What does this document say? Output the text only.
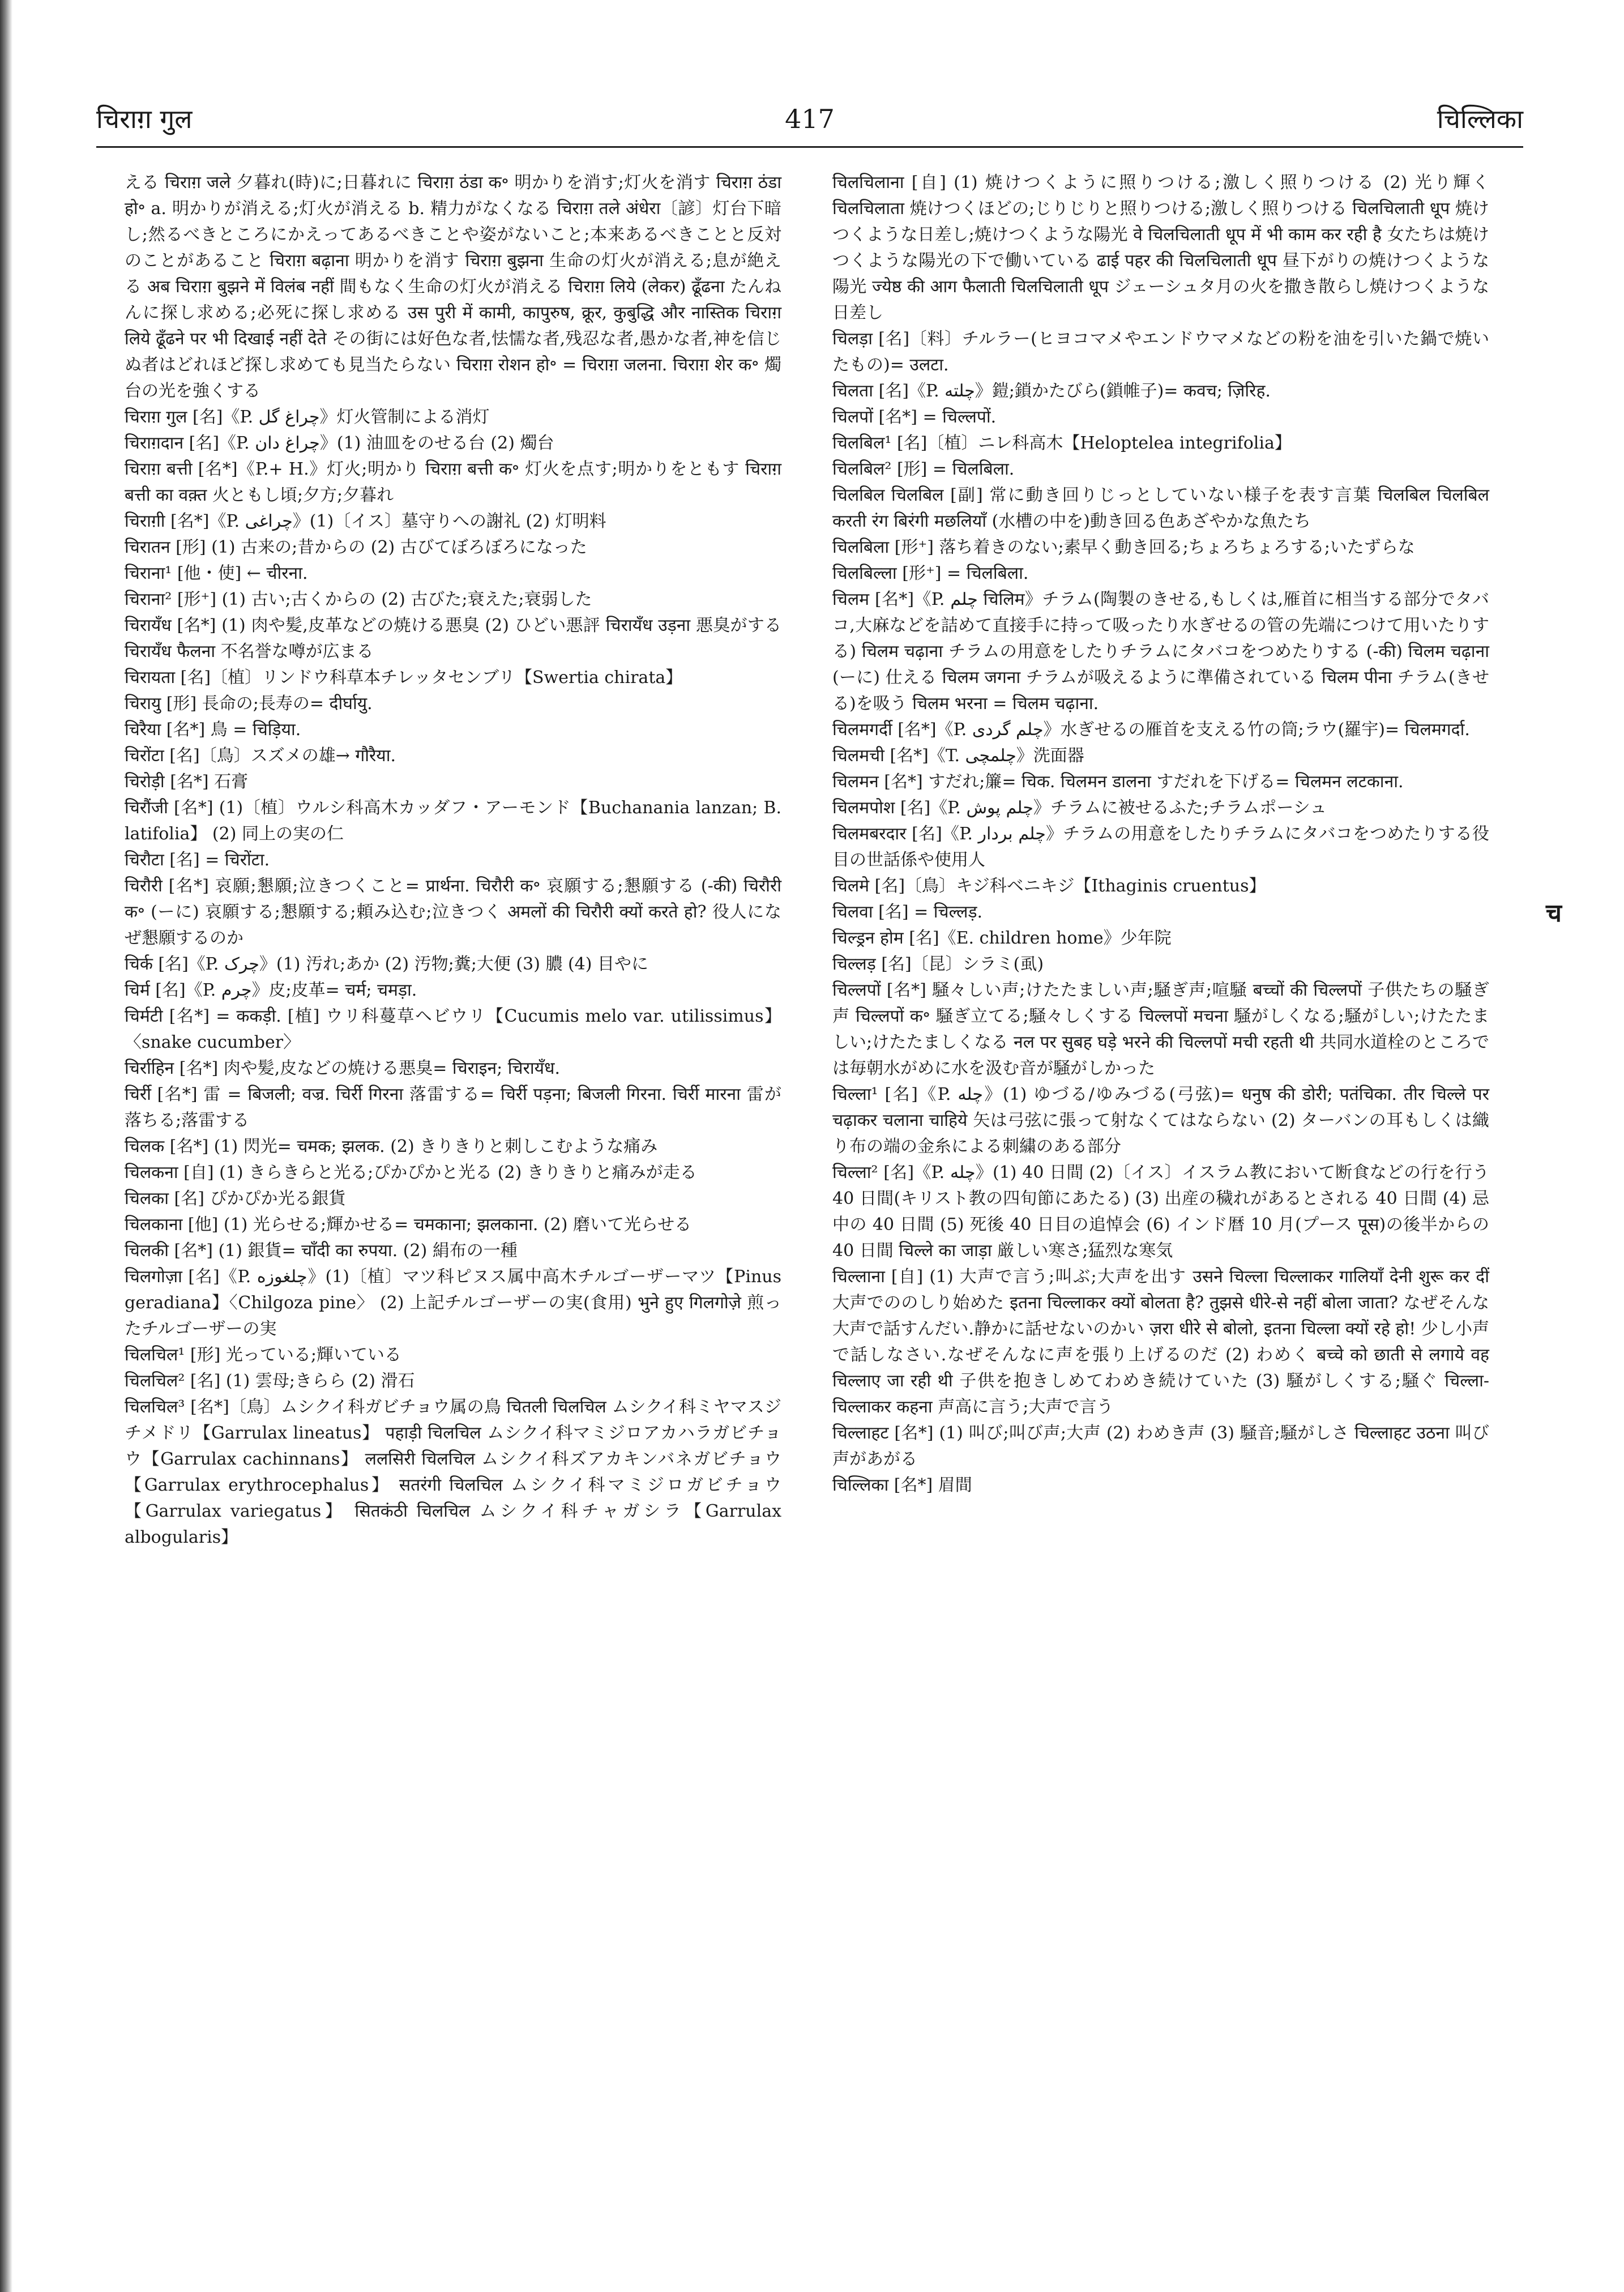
चिराग़ गुल	417	चिल्लिका

える चिराग़ जले 夕暮れ(時)に;日暮れに चिराग़ ठंडा क॰ 明かりを消す;灯火を消す चिराग़ ठंडा हो॰ a. 明かりが消える;灯火が消える b. 精力がなくなる चिराग़ तले अंधेरा〔諺〕灯台下暗し;然るべきところにかえってあるべきことや姿がないこと;本来あるべきことと反対のことがあること चिराग़ बढ़ाना 明かりを消す चिराग़ बुझना 生命の灯火が消える;息が絶える अब चिराग़ बुझने में विलंब नहीं 間もなく生命の灯火が消える चिराग़ लिये (लेकर) ढूँढना たんねんに探し求める;必死に探し求める उस पुरी में कामी, कापुरुष, क्रूर, कुबुद्धि और नास्तिक चिराग़ लिये ढूँढने पर भी दिखाई नहीं देते その街には好色な者,怯懦な者,残忍な者,愚かな者,神を信じぬ者はどれほど探し求めても見当たらない चिराग़ रोशन हो॰ = चिराग़ जलना. चिराग़ शेर क॰ 燭台の光を強くする

चिराग़ गुल [名]《P. چراغ گل》灯火管制による消灯

चिराग़दान [名]《P. چراغ دان》(1) 油皿をのせる台 (2) 燭台

चिराग़ बत्ती [名*]《P.+ H.》灯火;明かり चिराग़ बत्ती क॰ 灯火を点す;明かりをともす चिराग़ बत्ती का वक़्त 火ともし頃;夕方;夕暮れ

चिराग़ी [名*]《P. چراغی》(1)〔イス〕墓守りへの謝礼 (2) 灯明料

चिरातन [形] (1) 古来の;昔からの (2) 古びてぼろぼろになった

चिराना¹ [他・使] ← चीरना.

चिराना² [形⁺] (1) 古い;古くからの (2) 古びた;衰えた;衰弱した

चिरायँध [名*] (1) 肉や髪,皮革などの焼ける悪臭 (2) ひどい悪評 चिरायँध उड़ना 悪臭がする चिरायँध फैलना 不名誉な噂が広まる

चिरायता [名]〔植〕リンドウ科草本チレッタセンブリ【Swertia chirata】

चिरायु [形] 長命の;長寿の= दीर्घायु.

चिरैया [名*] 鳥 = चिड़िया.

चिरोंटा [名]〔鳥〕スズメの雄→ गौरैया.

चिरोड़ी [名*] 石膏

चिरौंजी [名*] (1)〔植〕ウルシ科高木カッダフ・アーモンド【Buchanania lanzan; B. latifolia】 (2) 同上の実の仁

चिरौटा [名] = चिरोंटा.

चिरौरी [名*] 哀願;懇願;泣きつくこと= प्रार्थना. चिरौरी क॰ 哀願する;懇願する (-की) चिरौरी क॰ (ーに) 哀願する;懇願する;頼み込む;泣きつく अमलों की चिरौरी क्यों करते हो? 役人になぜ懇願するのか

चिर्क [名]《P. چرک》(1) 汚れ;あか (2) 汚物;糞;大便 (3) 膿 (4) 目やに

चिर्म [名]《P. چرم》皮;皮革= चर्म; चमड़ा.

चिर्मटी [名*] = ककड़ी. [植] ウリ科蔓草ヘビウリ【Cucumis melo var. utilissimus】〈snake cucumber〉

चिर्राहिन [名*] 肉や髪,皮などの焼ける悪臭= चिराइन; चिरायँध.

चिर्री [名*] 雷 = बिजली; वज्र. चिर्री गिरना 落雷する= चिर्री पड़ना; बिजली गिरना. चिर्री मारना 雷が落ちる;落雷する

चिलक [名*] (1) 閃光= चमक; झलक. (2) きりきりと刺しこむような痛み

चिलकना [自] (1) きらきらと光る;ぴかぴかと光る (2) きりきりと痛みが走る

चिलका [名] ぴかぴか光る銀貨

चिलकाना [他] (1) 光らせる;輝かせる= चमकाना; झलकाना. (2) 磨いて光らせる

चिलकी [名*] (1) 銀貨= चाँदी का रुपया. (2) 絹布の一種

चिलगोज़ा [名]《P. چلغوزه》(1)〔植〕マツ科ピヌス属中高木チルゴーザーマツ【Pinus geradiana】〈Chilgoza pine〉 (2) 上記チルゴーザーの実(食用) भुने हुए गिलगोज़े 煎ったチルゴーザーの実

चिलचिल¹ [形] 光っている;輝いている

चिलचिल² [名] (1) 雲母;きらら (2) 滑石

चिलचिल³ [名*]〔鳥〕ムシクイ科ガビチョウ属の鳥 चितली चिलचिल ムシクイ科ミヤマスジチメドリ【Garrulax lineatus】 पहाड़ी चिलचिल ムシクイ科マミジロアカハラガビチョウ【Garrulax cachinnans】 ललसिरी चिलचिल ムシクイ科ズアカキンバネガビチョウ【Garrulax erythrocephalus】 सतरंगी चिलचिल ムシクイ科マミジロガビチョウ【Garrulax variegatus】 सितकंठी चिलचिल ムシクイ科チャガシラ【Garrulax albogularis】

चिलचिलाना [自] (1) 焼けつくように照りつける;激しく照りつける (2) 光り輝く चिलचिलाता 焼けつくほどの;じりじりと照りつける;激しく照りつける चिलचिलाती धूप 焼けつくような日差し;焼けつくような陽光 वे चिलचिलाती धूप में भी काम कर रही है 女たちは焼けつくような陽光の下で働いている ढाई पहर की चिलचिलाती धूप 昼下がりの焼けつくような陽光 ज्येष्ठ की आग फैलाती चिलचिलाती धूप ジェーシュタ月の火を撒き散らし焼けつくような日差し

चिलड़ा [名]〔料〕チルラー(ヒヨコマメやエンドウマメなどの粉を油を引いた鍋で焼いたもの)= उलटा.

चिलता [名]《P. چلته》鎧;鎖かたびら(鎖帷子)= कवच; ज़िरिह.

चिलपों [名*] = चिल्लपों.

चिलबिल¹ [名]〔植〕ニレ科高木【Heloptelea integrifolia】

चिलबिल² [形] = चिलबिला.

चिलबिल चिलबिल [副] 常に動き回りじっとしていない様子を表す言葉 चिलबिल चिलबिल करती रंग बिरंगी मछलियाँ (水槽の中を)動き回る色あざやかな魚たち

चिलबिला [形⁺] 落ち着きのない;素早く動き回る;ちょろちょろする;いたずらな

चिलबिल्ला [形⁺] = चिलबिला.

चिलम [名*]《P. چلم चिलिम》チラム(陶製のきせる,もしくは,雁首に相当する部分でタバコ,大麻などを詰めて直接手に持って吸ったり水ぎせるの管の先端につけて用いたりする) चिलम चढ़ाना チラムの用意をしたりチラムにタバコをつめたりする (-की) चिलम चढ़ाना (ーに) 仕える चिलम जगना チラムが吸えるように準備されている चिलम पीना チラム(きせる)を吸う चिलम भरना = चिलम चढ़ाना.

चिलमगर्दी [名*]《P. چلم گردی》水ぎせるの雁首を支える竹の筒;ラウ(羅宇)= चिलमगर्दा.

चिलमची [名*]《T. چلمچی》洗面器

चिलमन [名*] すだれ;簾= चिक. चिलमन डालना すだれを下げる= चिलमन लटकाना.

चिलमपोश [名]《P. چلم پوش》チラムに被せるふた;チラムポーシュ

चिलमबरदार [名]《P. چلم بردار》チラムの用意をしたりチラムにタバコをつめたりする役目の世話係や使用人

चिलमे [名]〔鳥〕キジ科ベニキジ【Ithaginis cruentus】

चिलवा [名] = चिल्लड़.

चिल्ड्रन होम [名]《E. children home》少年院

चिल्लड़ [名]〔昆〕シラミ(虱)

चिल्लपों [名*] 騒々しい声;けたたましい声;騒ぎ声;喧騒 बच्चों की चिल्लपों 子供たちの騒ぎ声 चिल्लपों क॰ 騒ぎ立てる;騒々しくする चिल्लपों मचना 騒がしくなる;騒がしい;けたたましい;けたたましくなる नल पर सुबह घड़े भरने की चिल्लपों मची रहती थी 共同水道栓のところでは毎朝水がめに水を汲む音が騒がしかった

चिल्ला¹ [名]《P. چله》(1) ゆづる/ゆみづる(弓弦)= धनुष की डोरी; पतंचिका. तीर चिल्ले पर चढ़ाकर चलाना चाहिये 矢は弓弦に張って射なくてはならない (2) ターバンの耳もしくは織り布の端の金糸による刺繍のある部分

चिल्ला² [名]《P. چله》(1) 40 日間 (2)〔イス〕イスラム教において断食などの行を行う 40 日間(キリスト教の四旬節にあたる) (3) 出産の穢れがあるとされる 40 日間 (4) 忌中の 40 日間 (5) 死後 40 日目の追悼会 (6) インド暦 10 月(プース पूस)の後半からの 40 日間 चिल्ले का जाड़ा 厳しい寒さ;猛烈な寒気

चिल्लाना [自] (1) 大声で言う;叫ぶ;大声を出す उसने चिल्ला चिल्लाकर गालियाँ देनी शुरू कर दीं 大声でののしり始めた इतना चिल्लाकर क्यों बोलता है? तुझसे धीरे-से नहीं बोला जाता? なぜそんな大声で話すんだい.静かに話せないのかい ज़रा धीरे से बोलो, इतना चिल्ला क्यों रहे हो! 少し小声で話しなさい.なぜそんなに声を張り上げるのだ (2) わめく बच्चे को छाती से लगाये वह चिल्लाए जा रही थी 子供を抱きしめてわめき続けていた (3) 騒がしくする;騒ぐ चिल्ला-चिल्लाकर कहना 声高に言う;大声で言う

चिल्लाहट [名*] (1) 叫び;叫び声;大声 (2) わめき声 (3) 騒音;騒がしさ चिल्लाहट उठना 叫び声があがる

चिल्लिका [名*] 眉間

च
